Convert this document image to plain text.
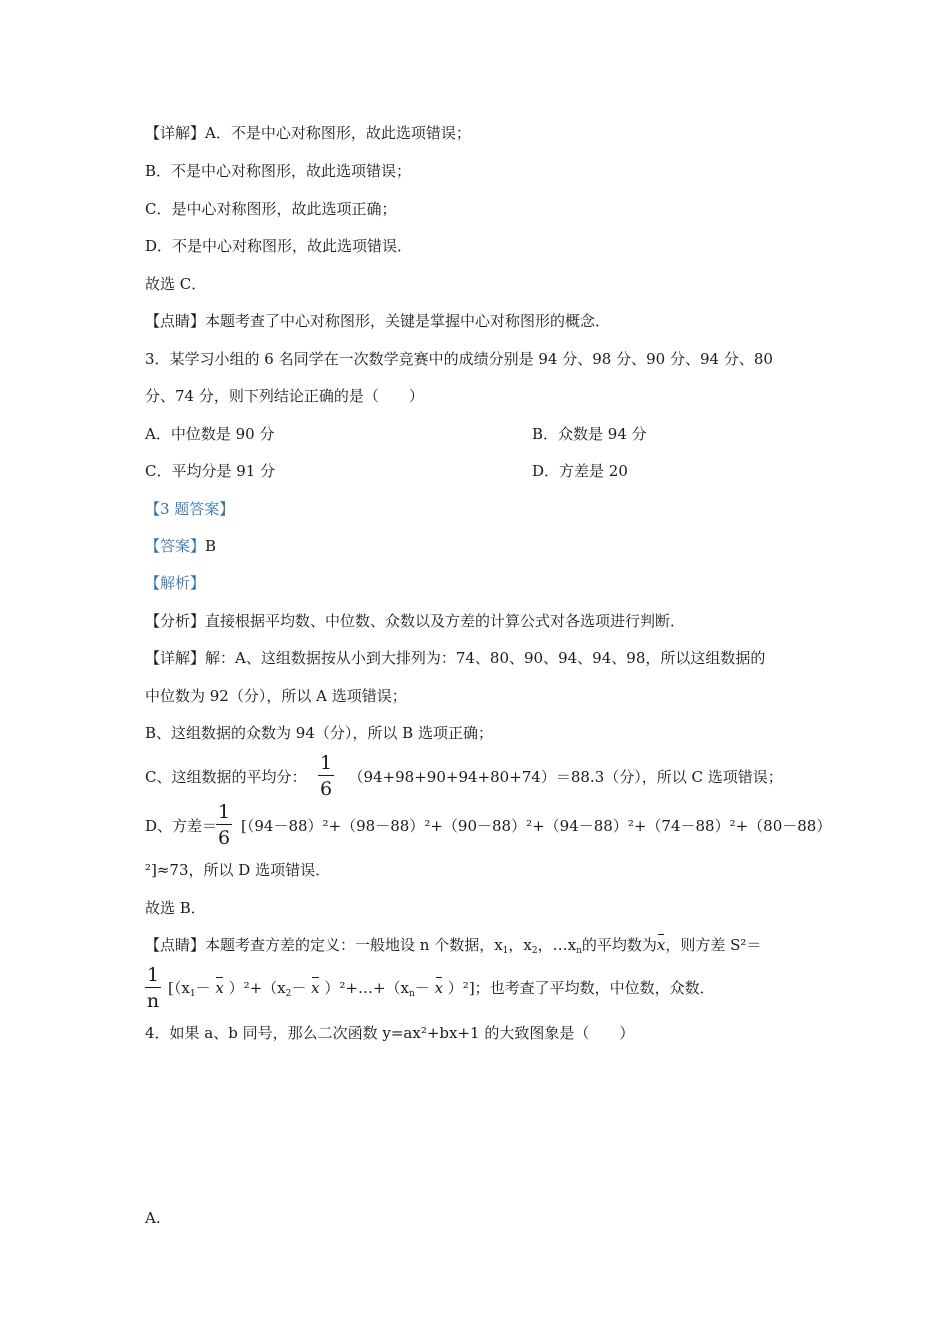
【详解】A．不是中心对称图形，故此选项错误；
B．不是中心对称图形，故此选项错误；
C．是中心对称图形，故此选项正确；
D．不是中心对称图形，故此选项错误．
故选 C．
【点睛】本题考查了中心对称图形，关键是掌握中心对称图形的概念．
3．某学习小组的 6 名同学在一次数学竞赛中的成绩分别是 94 分、98 分、90 分、94 分、80
分、74 分，则下列结论正确的是（　　）
A．中位数是 90 分	B．众数是 94 分
C．平均分是 91 分	D．方差是 20
【3 题答案】
【答案】B
【解析】
【分析】直接根据平均数、中位数、众数以及方差的计算公式对各选项进行判断．
【详解】解：A、这组数据按从小到大排列为：74、80、90、94、94、98，所以这组数据的
中位数为 92（分），所以 A 选项错误；
B、这组数据的众数为 94（分），所以 B 选项正确；
C、这组数据的平均分：	（94+98+90+94+80+74）＝88.3（分），所以 C 选项错误；
$\frac{1}{6}$
D、方差＝ [（94－88）²+（98－88）²+（90－88）²+（94－88）²+（74－88）²+（80－88）
$\frac{1}{6}$
²]≈73，所以 D 选项错误．
故选 B．
【点睛】本题考查方差的定义：一般地设 n 个数据，$x_1$，$x_2$，$\dots x_n$的平均数为x，则方差 S²＝
$\frac{1}{n} [(x_1- x$ ）$^2+(x_2- x$ ）$^2+\dots+(x_n- x$ ）²]；也考查了平均数，中位数，众数．
4．如果 a、b 同号，那么二次函数 y=ax²+bx+1 的大致图象是（　　）
A.
